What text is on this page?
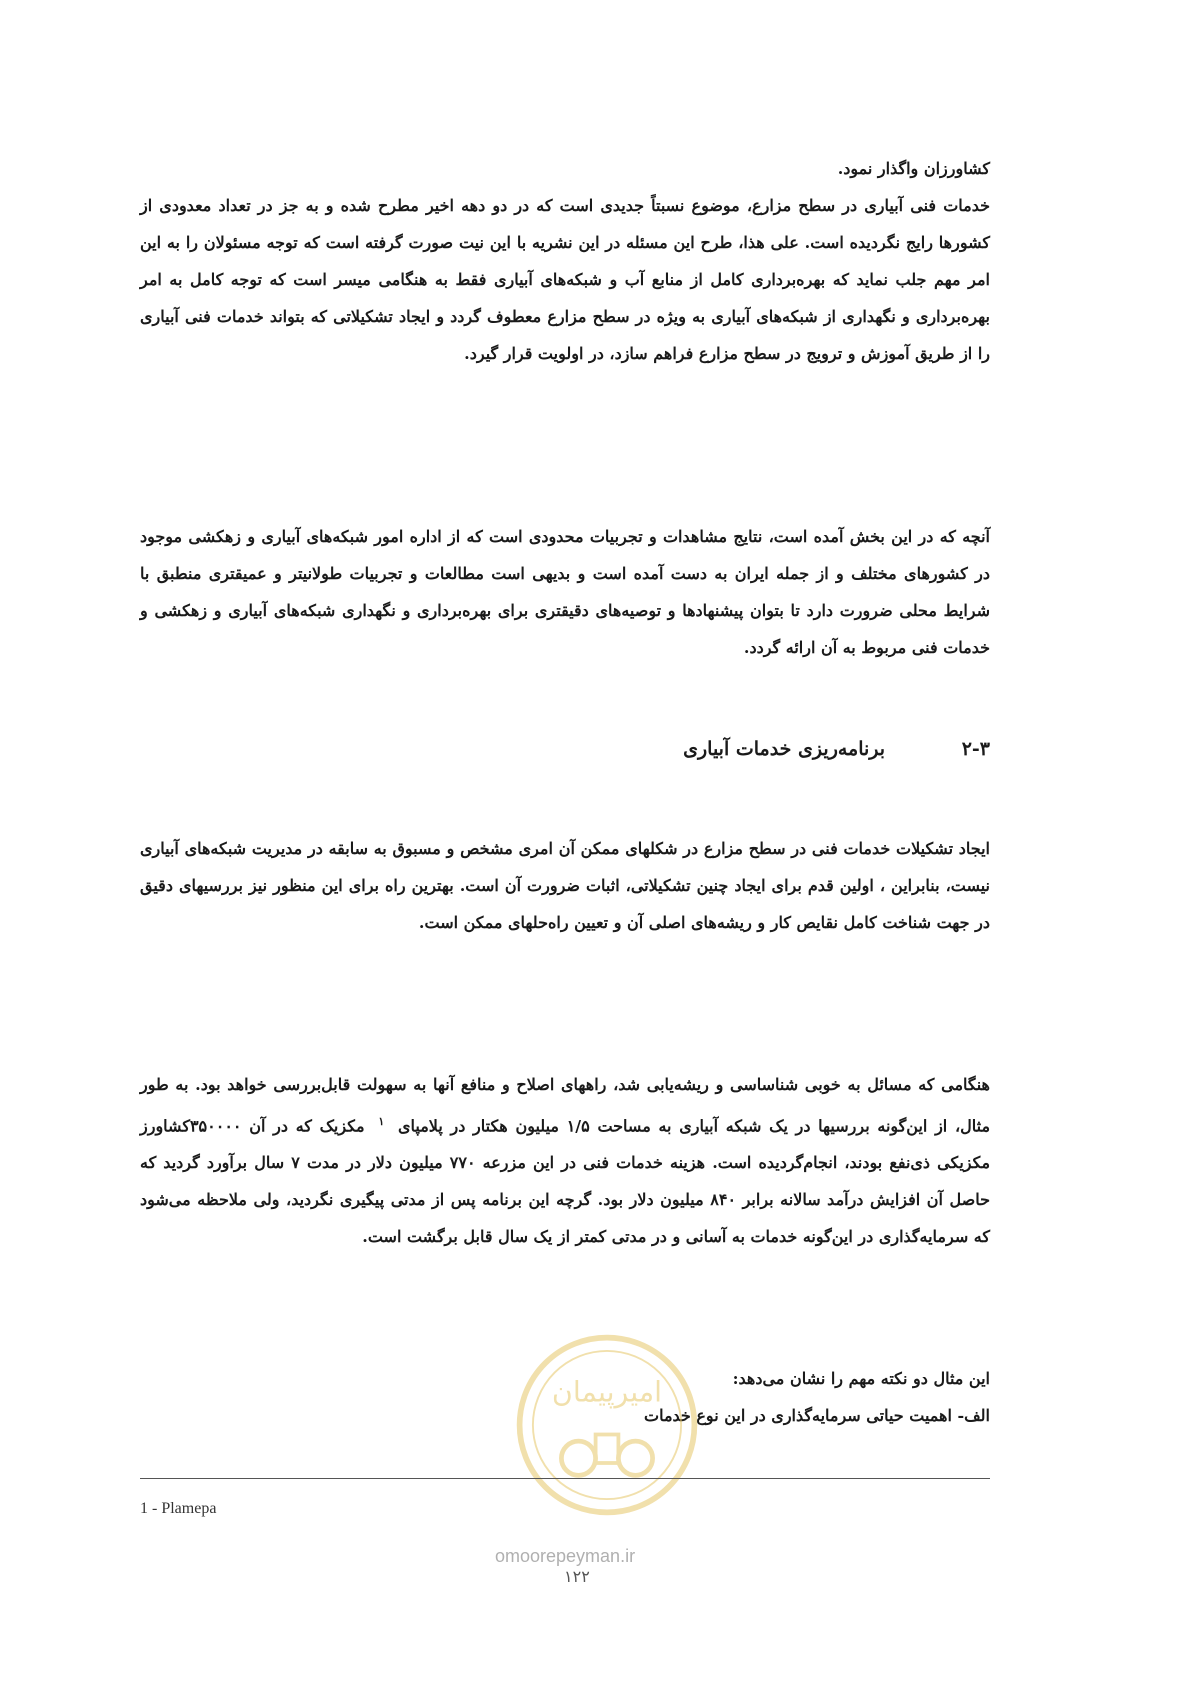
کشاورزان واگذار نمود.

خدمات فنی آبیاری در سطح مزارع، موضوع نسبتاً جدیدی است که در دو دهه اخیر مطرح شده و به جز در تعداد معدودی از کشورها رایج نگردیده است. علی هذا، طرح این مسئله در این نشریه با این نیت صورت گرفته است که توجه مسئولان را به این امر مهم جلب نماید که بهره‌برداری کامل از منابع آب و شبکه‌های آبیاری فقط به هنگامی میسر است که توجه کامل به امر بهره‌برداری و نگهداری از شبکه‌های آبیاری به ویژه در سطح مزارع معطوف گردد و ایجاد تشکیلاتی که بتواند خدمات فنی آبیاری را از طریق آموزش و ترویج در سطح مزارع فراهم سازد، در اولویت قرار گیرد.

آنچه که در این بخش آمده است، نتایج مشاهدات و تجربیات محدودی است که از اداره امور شبکه‌های آبیاری و زهکشی موجود در کشورهای مختلف و از جمله ایران به دست آمده است و بدیهی است مطالعات و تجربیات طولانیتر و عمیقتری منطبق با شرایط محلی ضرورت دارد تا بتوان پیشنهادها و توصیه‌های دقیقتری برای بهره‌برداری و نگهداری شبکه‌های آبیاری و زهکشی و خدمات فنی مربوط به آن ارائه گردد.

۲-۳ برنامه‌ریزی خدمات آبیاری

ایجاد تشکیلات خدمات فنی در سطح مزارع در شکلهای ممکن آن امری مشخص و مسبوق به سابقه در مدیریت شبکه‌های آبیاری نیست، بنابراین ، اولین قدم برای ایجاد چنین تشکیلاتی، اثبات ضرورت آن است. بهترین راه برای این منظور نیز بررسیهای دقیق در جهت شناخت کامل نقایص کار و ریشه‌های اصلی آن و تعیین راه‌حلهای ممکن است.

هنگامی که مسائل به خوبی شناساسی و ریشه‌یابی شد، راههای اصلاح و منافع آنها به سهولت قابل‌بررسی خواهد بود. به طور مثال، از این‌گونه بررسیها در یک شبکه آبیاری به مساحت ۱/۵ میلیون هکتار در پلامپای $^۱$ مکزیک که در آن ۳۵۰۰۰۰کشاورز مکزیکی ذی‌نفع بودند، انجام‌گردیده است. هزینه خدمات فنی در این مزرعه ۷۷۰ میلیون دلار در مدت ۷ سال برآورد گردید که حاصل آن افزایش درآمد سالانه برابر ۸۴۰ میلیون دلار بود. گرچه این برنامه پس از مدتی پیگیری نگردید، ولی ملاحظه می‌شود که سرمایه‌گذاری در این‌گونه خدمات به آسانی و در مدتی کمتر از یک سال قابل برگشت است.

این مثال دو نکته مهم را نشان می‌دهد:

الف- اهمیت حیاتی سرمایه‌گذاری در این نوع خدمات

امیرپیمان
1 - Plamepa
omoorepeyman.ir
۱۲۲
